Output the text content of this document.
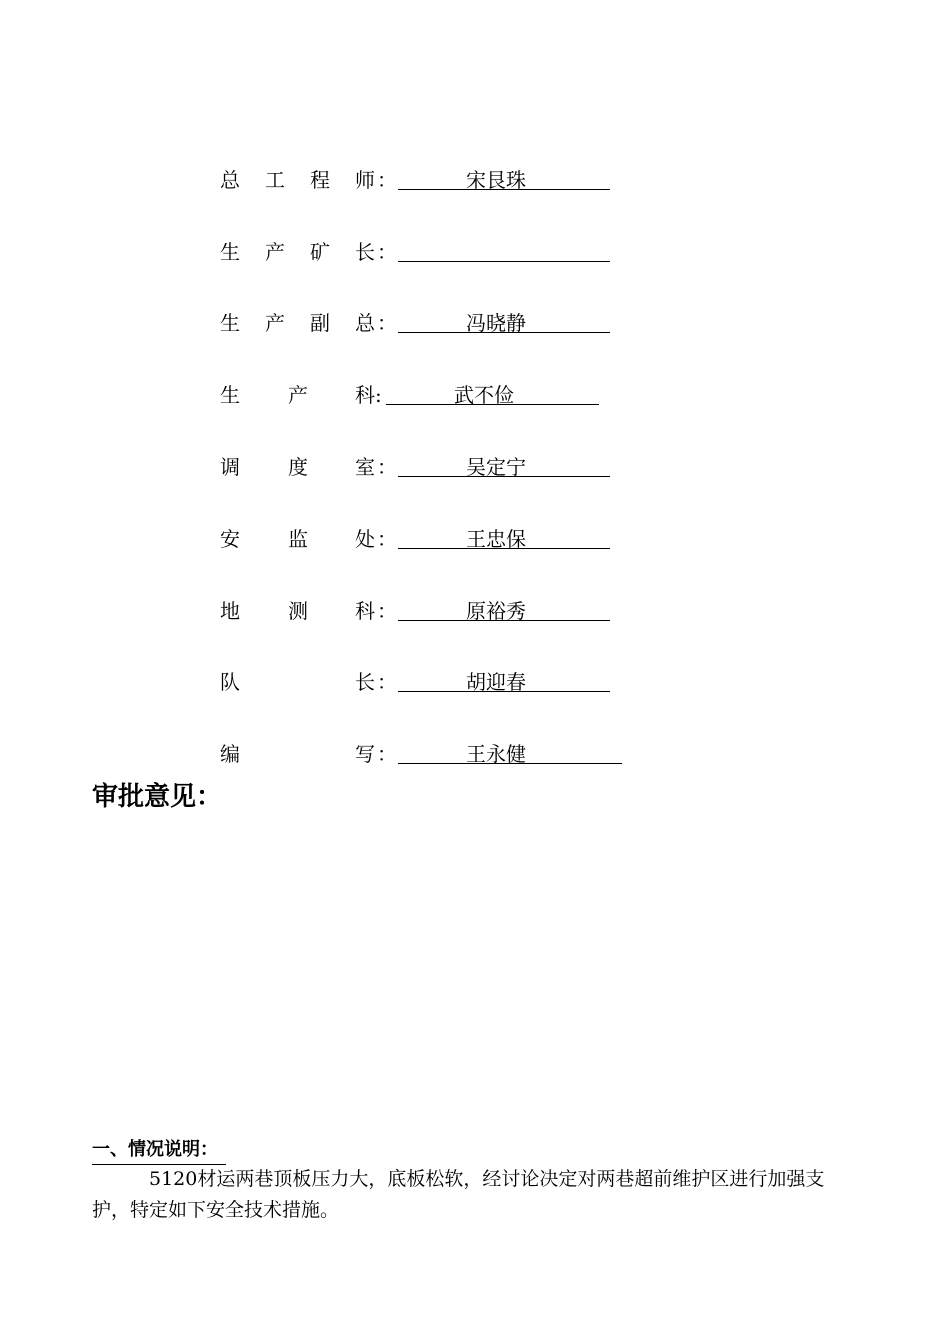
总 工 程 师 ：	宋艮珠
生 产 矿 长 ：
生 产 副 总 ：	冯晓静
生 产 科 :	武不俭
调 度 室 ：	吴定宁
安 监 处 ：	王忠保
地 测 科 ：	原裕秀
队	长 ：	胡迎春
编	写 ：	王永健
审批意见：
一、情况说明：
5120材运两巷顶板压力大，底板松软，经讨论决定对两巷超前维护区进行加强支护，特定如下安全技术措施。
